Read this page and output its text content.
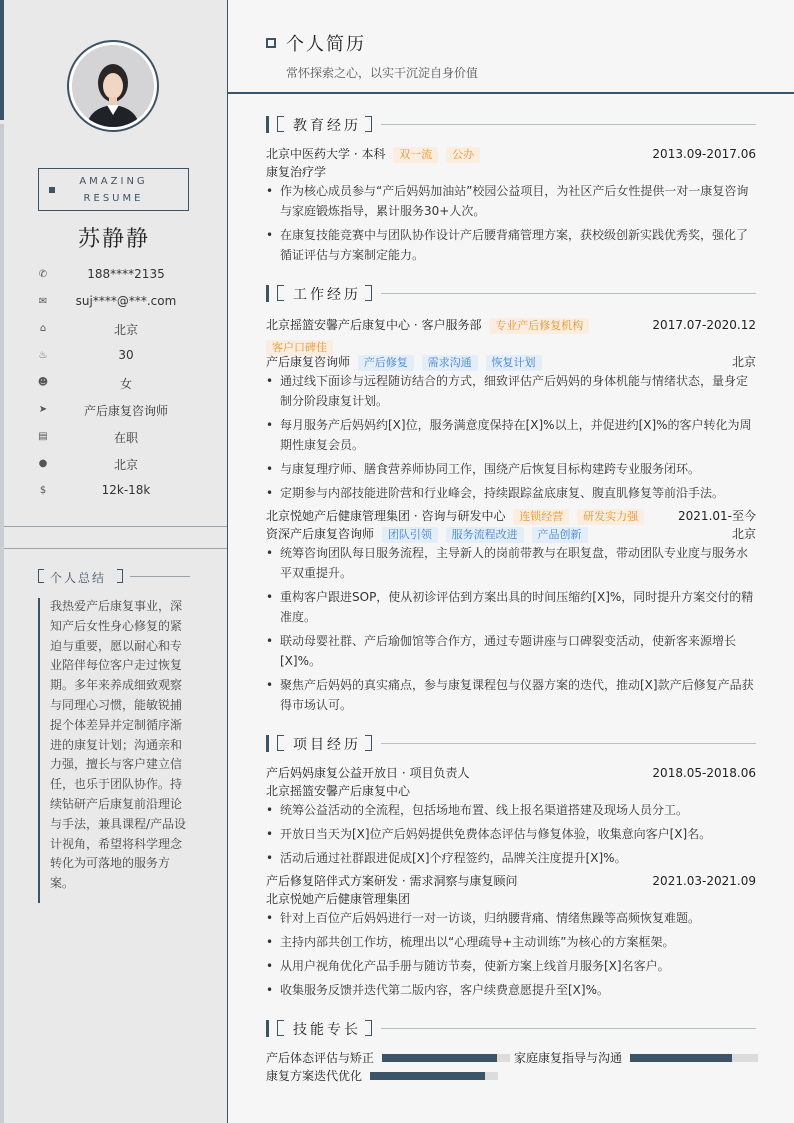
AMAZING
RESUME
苏静静
✆	188****2135
✉	suj****@***.com
⌂	北京
♨	30
☻	女
➤	产后康复咨询师
▤	在职
●	北京
$	12k-18k
个人总结
我热爱产后康复事业，深知产后女性身心修复的紧迫与重要，愿以耐心和专业陪伴每位客户走过恢复期。多年来养成细致观察与同理心习惯，能敏锐捕捉个体差异并定制循序渐进的康复计划；沟通亲和力强，擅长与客户建立信任，也乐于团队协作。持续钻研产后康复前沿理论与手法，兼具课程/产品设计视角，希望将科学理念转化为可落地的服务方案。
个人简历
常怀探索之心，以实干沉淀自身价值
教育经历
北京中医药大学 · 本科 双一流 公办	2013.09-2017.06
康复治疗学
• 作为核心成员参与“产后妈妈加油站”校园公益项目，为社区产后女性提供一对一康复咨询与家庭锻炼指导，累计服务30+人次。
• 在康复技能竞赛中与团队协作设计产后腰背痛管理方案，获校级创新实践优秀奖，强化了循证评估与方案制定能力。
工作经历
北京摇篮安馨产后康复中心 · 客户服务部 专业产后修复机构	2017.07-2020.12

客户口碑佳
产后康复咨询师 产后修复 需求沟通 恢复计划	北京
• 通过线下面诊与远程随访结合的方式，细致评估产后妈妈的身体机能与情绪状态，量身定制分阶段康复计划。
• 每月服务产后妈妈约[X]位，服务满意度保持在[X]%以上，并促进约[X]%的客户转化为周期性康复会员。
• 与康复理疗师、膳食营养师协同工作，围绕产后恢复目标构建跨专业服务闭环。
• 定期参与内部技能进阶营和行业峰会，持续跟踪盆底康复、腹直肌修复等前沿手法。
北京悦她产后健康管理集团 · 咨询与研发中心 连锁经营 研发实力强	2021.01-至今
资深产后康复咨询师 团队引领 服务流程改进 产品创新	北京
• 统筹咨询团队每日服务流程，主导新人的岗前带教与在职复盘，带动团队专业度与服务水平双重提升。
• 重构客户跟进SOP，使从初诊评估到方案出具的时间压缩约[X]%，同时提升方案交付的精准度。
• 联动母婴社群、产后瑜伽馆等合作方，通过专题讲座与口碑裂变活动，使新客来源增长[X]%。
• 聚焦产后妈妈的真实痛点，参与康复课程包与仪器方案的迭代，推动[X]款产后修复产品获得市场认可。
项目经历
产后妈妈康复公益开放日 · 项目负责人	2018.05-2018.06
北京摇篮安馨产后康复中心
• 统筹公益活动的全流程，包括场地布置、线上报名渠道搭建及现场人员分工。
• 开放日当天为[X]位产后妈妈提供免费体态评估与修复体验，收集意向客户[X]名。
• 活动后通过社群跟进促成[X]个疗程签约，品牌关注度提升[X]%。
产后修复陪伴式方案研发 · 需求洞察与康复顾问	2021.03-2021.09
北京悦她产后健康管理集团
• 针对上百位产后妈妈进行一对一访谈，归纳腰背痛、情绪焦躁等高频恢复难题。
• 主持内部共创工作坊，梳理出以“心理疏导+主动训练”为核心的方案框架。
• 从用户视角优化产品手册与随访节奏，使新方案上线首月服务[X]名客户。
• 收集服务反馈并迭代第二版内容，客户续费意愿提升至[X]%。
技能专长
产后体态评估与矫正	家庭康复指导与沟通
康复方案迭代优化
